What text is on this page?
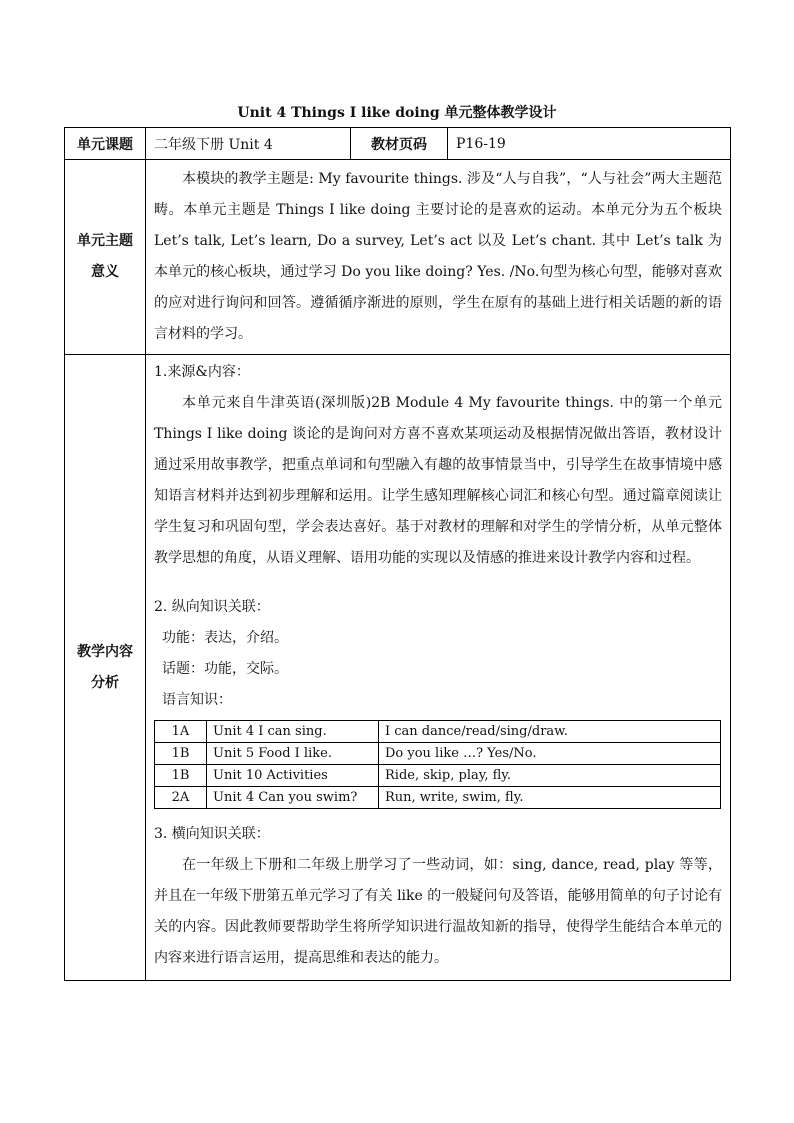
Unit 4 Things I like doing 单元整体教学设计
单元课题	二年级下册 Unit 4	教材页码	P16-19

单元主题
意义

本模块的教学主题是: My favourite things. 涉及“人与自我”，“人与社会”两大主题范畴。本单元主题是 Things I like doing 主要讨论的是喜欢的运动。本单元分为五个板块 Let’s talk, Let’s learn, Do a survey, Let’s act 以及 Let’s chant. 其中 Let’s talk 为本单元的核心板块，通过学习 Do you like doing? Yes. /No.句型为核心句型，能够对喜欢的应对进行询问和回答。遵循循序渐进的原则，学生在原有的基础上进行相关话题的新的语言材料的学习。

教学内容
分析

1.来源&内容：

本单元来自牛津英语(深圳版)2B Module 4 My favourite things. 中的第一个单元 Things I like doing 谈论的是询问对方喜不喜欢某项运动及根据情况做出答语，教材设计通过采用故事教学，把重点单词和句型融入有趣的故事情景当中，引导学生在故事情境中感知语言材料并达到初步理解和运用。让学生感知理解核心词汇和核心句型。通过篇章阅读让学生复习和巩固句型，学会表达喜好。基于对教材的理解和对学生的学情分析，从单元整体教学思想的角度，从语义理解、语用功能的实现以及情感的推进来设计教学内容和过程。

2. 纵向知识关联：
功能：表达，介绍。
话题：功能，交际。
语言知识：
1A	Unit 4 I can sing.	I can dance/read/sing/draw.
1B	Unit 5 Food I like.	Do you like …? Yes/No.
1B	Unit 10 Activities	Ride, skip, play, fly.
2A	Unit 4 Can you swim?	Run, write, swim, fly.
3. 横向知识关联：

在一年级上下册和二年级上册学习了一些动词，如：sing, dance, read, play 等等，并且在一年级下册第五单元学习了有关 like 的一般疑问句及答语，能够用简单的句子讨论有关的内容。因此教师要帮助学生将所学知识进行温故知新的指导，使得学生能结合本单元的内容来进行语言运用，提高思维和表达的能力。
